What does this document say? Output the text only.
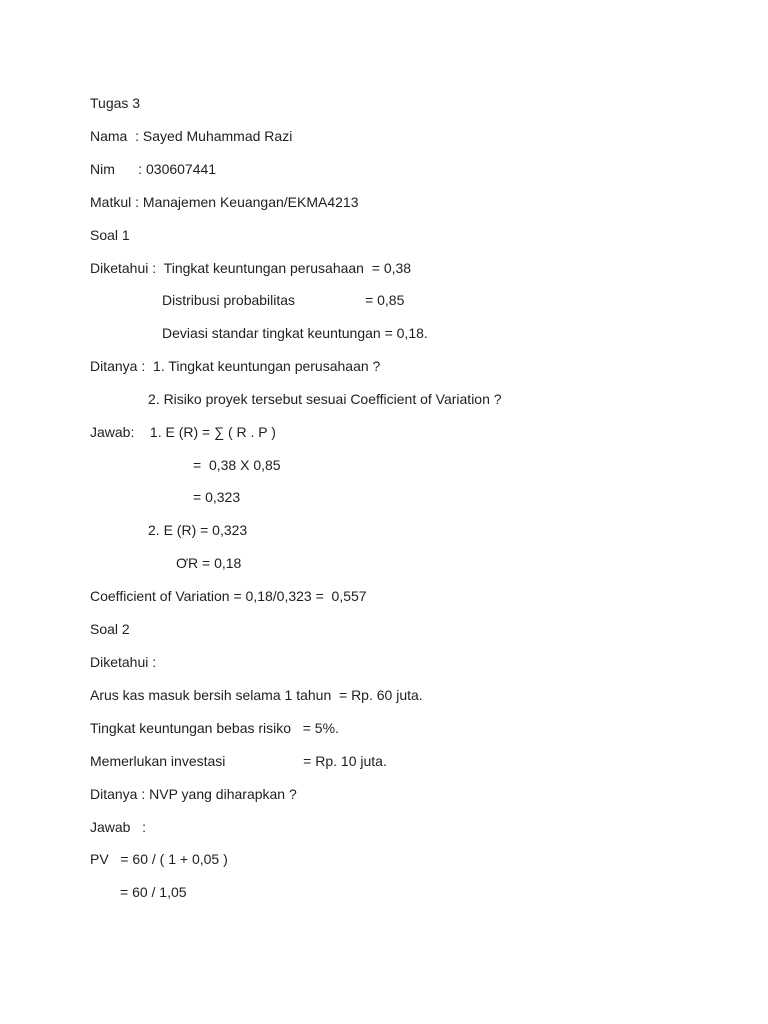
Tugas 3
Nama  : Sayed Muhammad Razi
Nim      : 030607441
Matkul : Manajemen Keuangan/EKMA4213
Soal 1
Diketahui :  Tingkat keuntungan perusahaan  = 0,38
Distribusi probabilitas                  = 0,85
Deviasi standar tingkat keuntungan = 0,18.
Ditanya :  1. Tingkat keuntungan perusahaan ?
2. Risiko proyek tersebut sesuai Coefficient of Variation ?
Jawab:    1. E (R) = ∑ ( R . P )
=  0,38 X 0,85
= 0,323
2. E (R) = 0,323
ƠR = 0,18
Coefficient of Variation = 0,18/0,323 =  0,557
Soal 2
Diketahui :
Arus kas masuk bersih selama 1 tahun  = Rp. 60 juta.
Tingkat keuntungan bebas risiko   = 5%.
Memerlukan investasi                    = Rp. 10 juta.
Ditanya : NVP yang diharapkan ?
Jawab   :
PV   = 60 / ( 1 + 0,05 )
= 60 / 1,05
